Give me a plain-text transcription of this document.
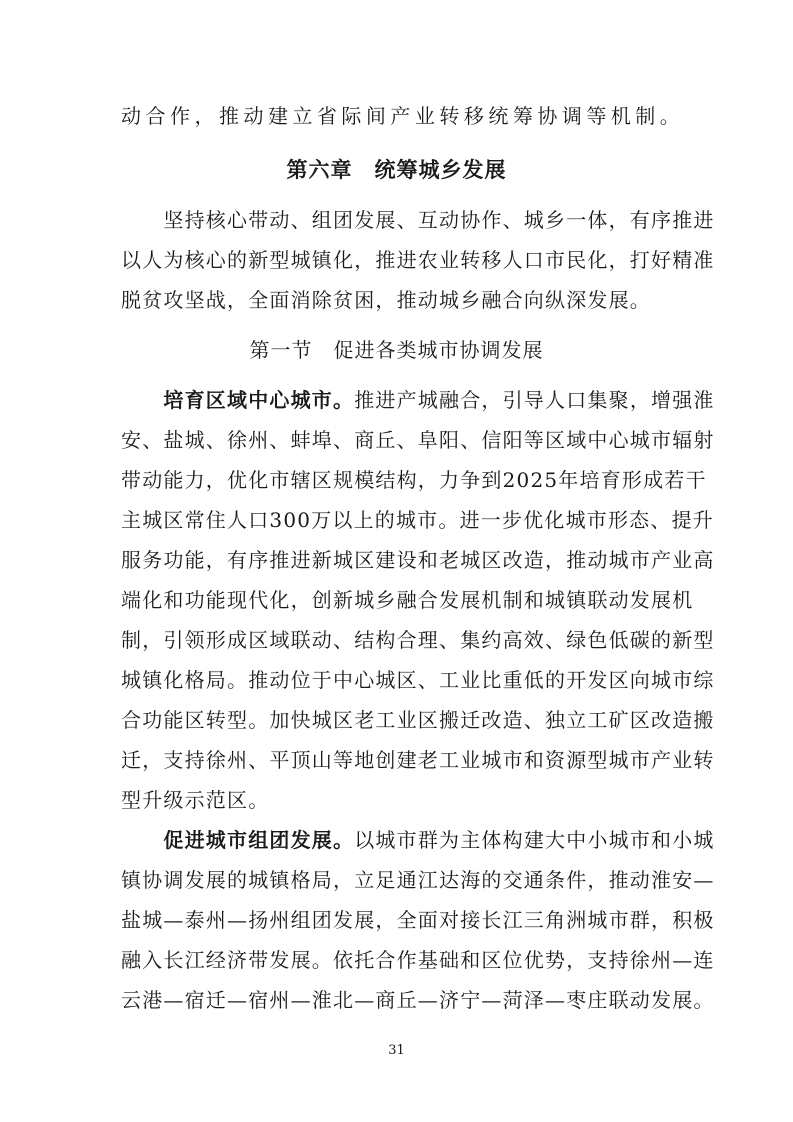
动合作，推动建立省际间产业转移统筹协调等机制。
第六章　统筹城乡发展
　　坚持核心带动、组团发展、互动协作、城乡一体，有序推进
以人为核心的新型城镇化，推进农业转移人口市民化，打好精准
脱贫攻坚战，全面消除贫困，推动城乡融合向纵深发展。
第一节　促进各类城市协调发展
　　培育区域中心城市。推进产城融合，引导人口集聚，增强淮
安、盐城、徐州、蚌埠、商丘、阜阳、信阳等区域中心城市辐射
带动能力，优化市辖区规模结构，力争到2025年培育形成若干
主城区常住人口300万以上的城市。进一步优化城市形态、提升
服务功能，有序推进新城区建设和老城区改造，推动城市产业高
端化和功能现代化，创新城乡融合发展机制和城镇联动发展机
制，引领形成区域联动、结构合理、集约高效、绿色低碳的新型
城镇化格局。推动位于中心城区、工业比重低的开发区向城市综
合功能区转型。加快城区老工业区搬迁改造、独立工矿区改造搬
迁，支持徐州、平顶山等地创建老工业城市和资源型城市产业转
型升级示范区。
　　促进城市组团发展。以城市群为主体构建大中小城市和小城
镇协调发展的城镇格局，立足通江达海的交通条件，推动淮安—
盐城—泰州—扬州组团发展，全面对接长江三角洲城市群，积极
融入长江经济带发展。依托合作基础和区位优势，支持徐州—连
云港—宿迁—宿州—淮北—商丘—济宁—菏泽—枣庄联动发展。
31
